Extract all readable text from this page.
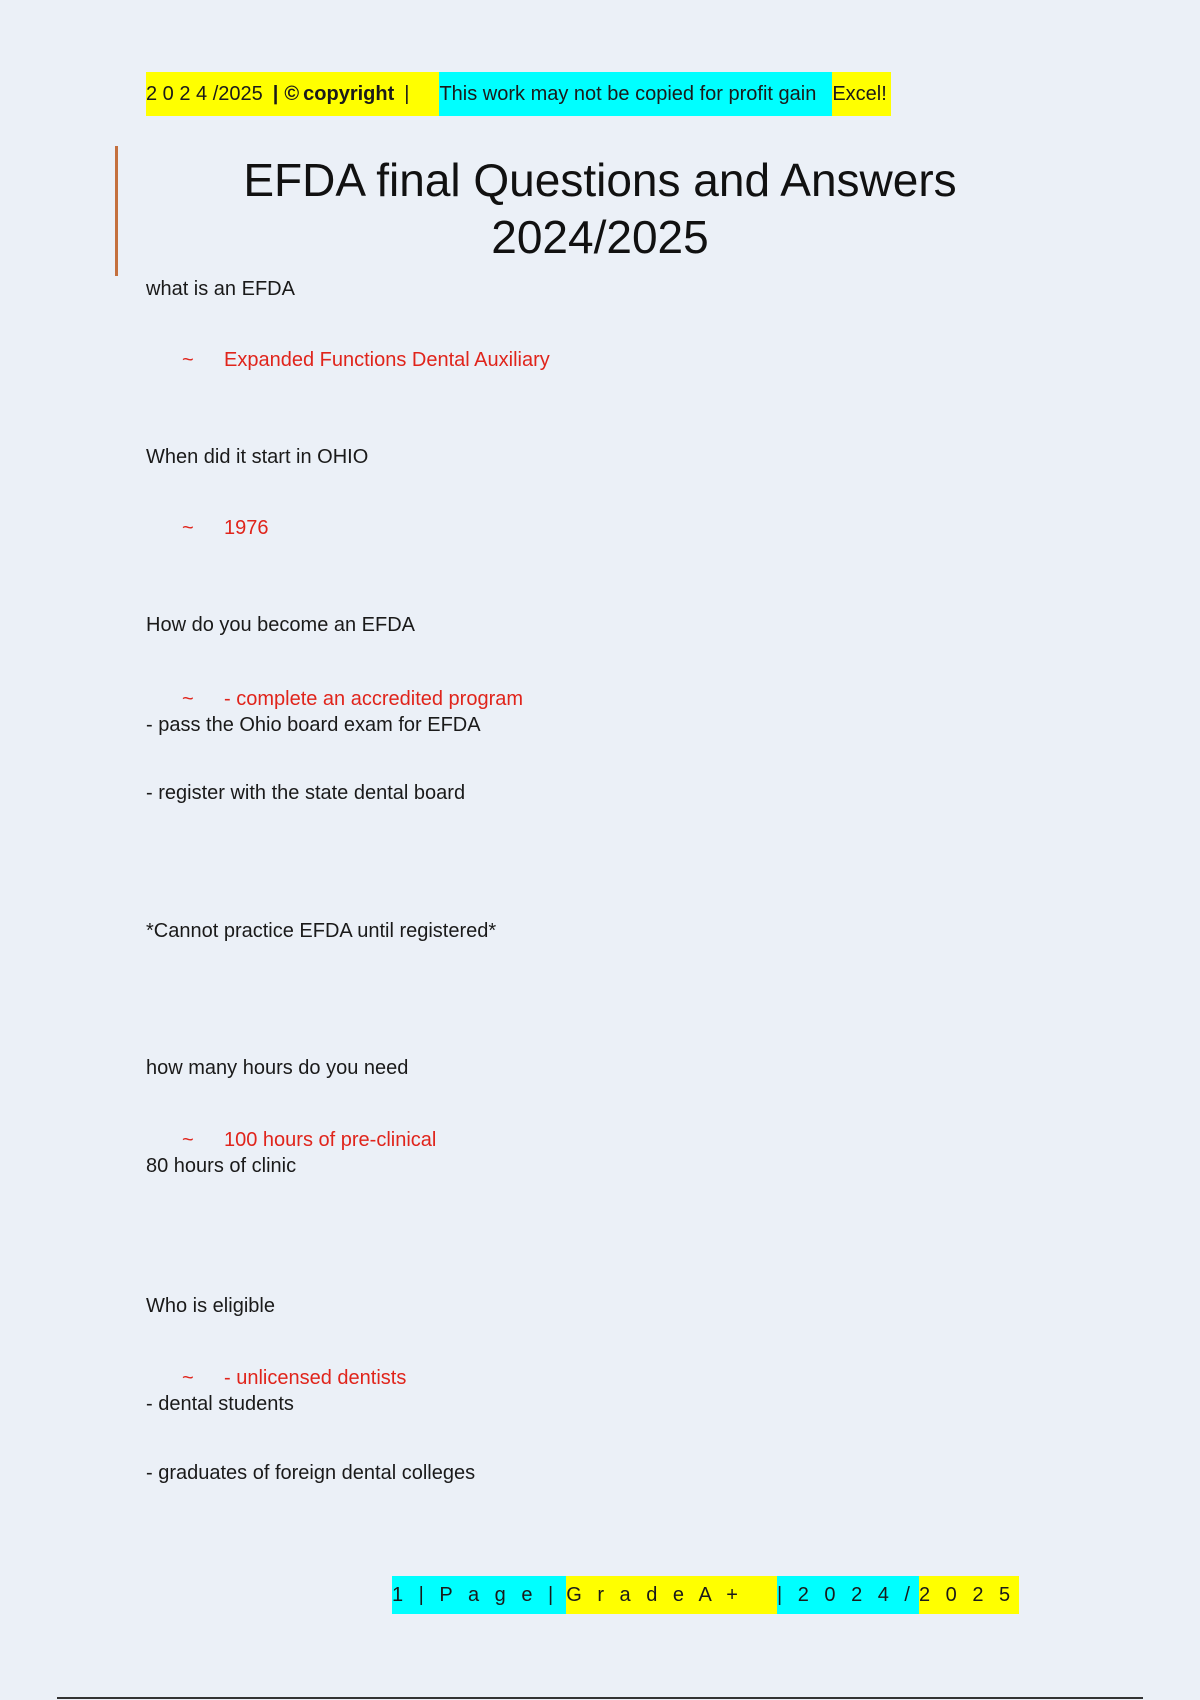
2 0 2 4 /2025 | © copyright | This work may not be copied for profit gain Excel!
EFDA final Questions and Answers
2024/2025
what is an EFDA
~ Expanded Functions Dental Auxiliary
When did it start in OHIO
~ 1976
How do you become an EFDA
~ - complete an accredited program
- pass the Ohio board exam for EFDA
- register with the state dental board
*Cannot practice EFDA until registered*
how many hours do you need
~ 100 hours of pre-clinical
80 hours of clinic
Who is eligible
~ - unlicensed dentists
- dental students
- graduates of foreign dental colleges
1 | P a g e | G r a d e A +	| 2 0 2 4 / 2 0 2 5
